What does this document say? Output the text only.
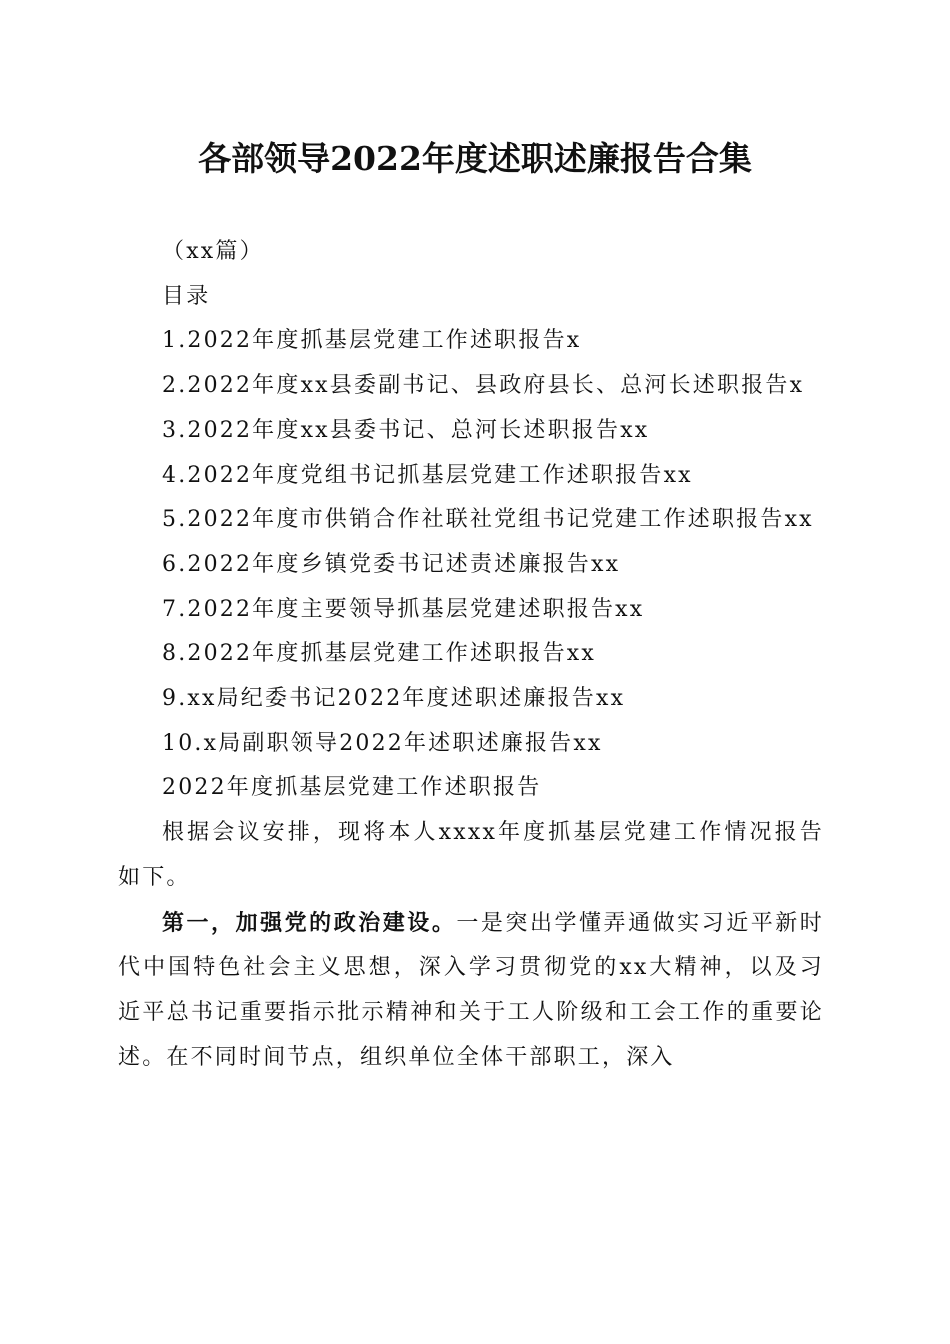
各部领导2022年度述职述廉报告合集

（xx篇）

目录

1.2022年度抓基层党建工作述职报告x

2.2022年度xx县委副书记、县政府县长、总河长述职报告x

3.2022年度xx县委书记、总河长述职报告xx

4.2022年度党组书记抓基层党建工作述职报告xx

5.2022年度市供销合作社联社党组书记党建工作述职报告xx

6.2022年度乡镇党委书记述责述廉报告xx

7.2022年度主要领导抓基层党建述职报告xx

8.2022年度抓基层党建工作述职报告xx

9.xx局纪委书记2022年度述职述廉报告xx

10.x局副职领导2022年述职述廉报告xx

2022年度抓基层党建工作述职报告

根据会议安排，现将本人xxxx年度抓基层党建工作情况报告如下。

第一，加强党的政治建设。一是突出学懂弄通做实习近平新时代中国特色社会主义思想，深入学习贯彻党的xx大精神，以及习近平总书记重要指示批示精神和关于工人阶级和工会工作的重要论述。在不同时间节点，组织单位全体干部职工，深入
